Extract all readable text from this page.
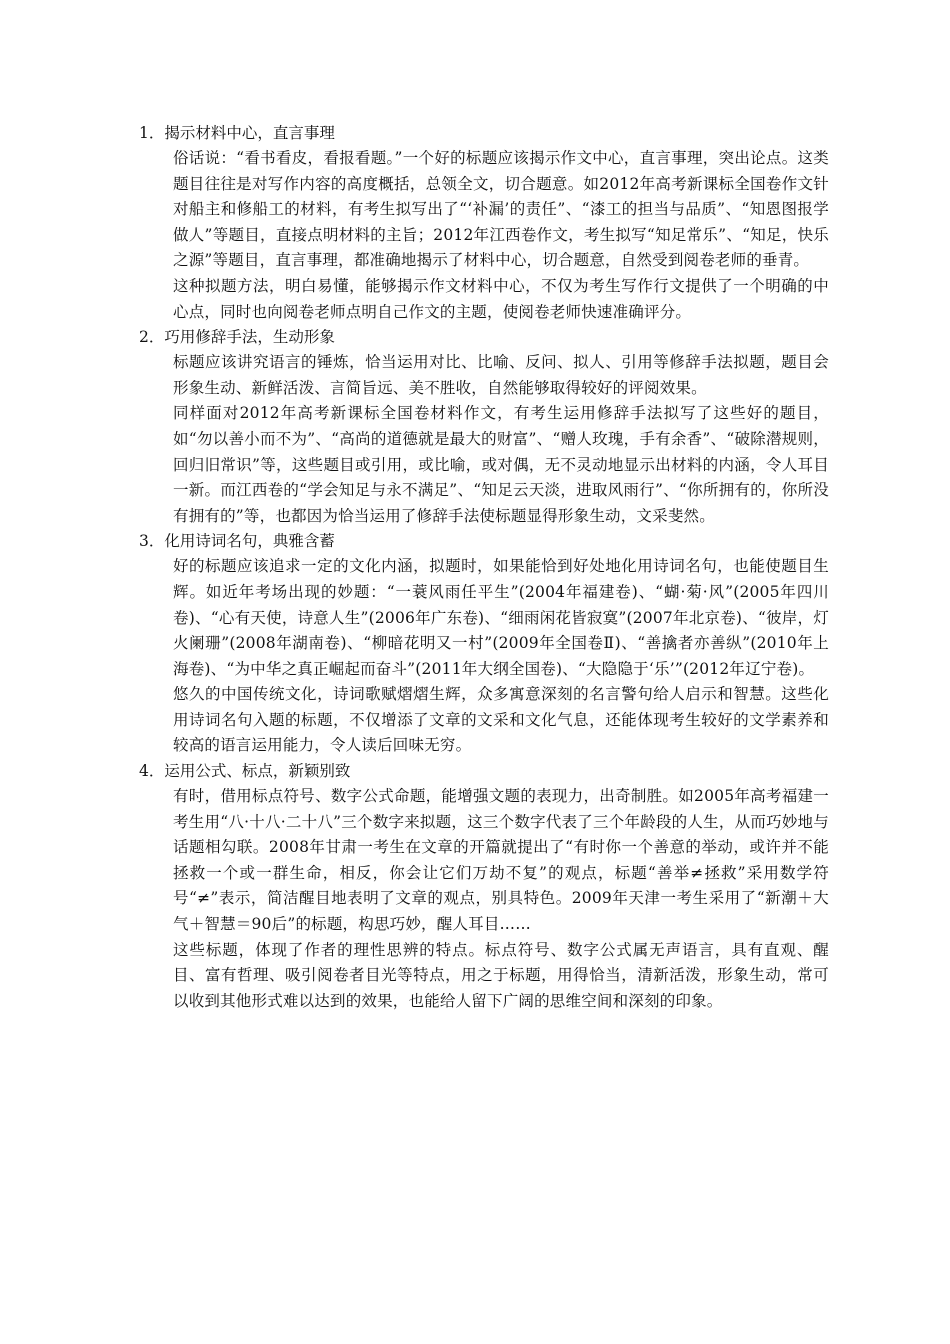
1．揭示材料中心，直言事理

俗话说：“看书看皮，看报看题。”一个好的标题应该揭示作文中心，直言事理，突出论点。这类题目往往是对写作内容的高度概括，总领全文，切合题意。如2012年高考新课标全国卷作文针对船主和修船工的材料，有考生拟写出了“‘补漏’的责任”、“漆工的担当与品质”、“知恩图报学做人”等题目，直接点明材料的主旨；2012年江西卷作文，考生拟写“知足常乐”、“知足，快乐之源”等题目，直言事理，都准确地揭示了材料中心，切合题意，自然受到阅卷老师的垂青。

这种拟题方法，明白易懂，能够揭示作文材料中心，不仅为考生写作行文提供了一个明确的中心点，同时也向阅卷老师点明自己作文的主题，使阅卷老师快速准确评分。

2．巧用修辞手法，生动形象

标题应该讲究语言的锤炼，恰当运用对比、比喻、反问、拟人、引用等修辞手法拟题，题目会形象生动、新鲜活泼、言简旨远、美不胜收，自然能够取得较好的评阅效果。

同样面对2012年高考新课标全国卷材料作文，有考生运用修辞手法拟写了这些好的题目，如“勿以善小而不为”、“高尚的道德就是最大的财富”、“赠人玫瑰，手有余香”、“破除潜规则，回归旧常识”等，这些题目或引用，或比喻，或对偶，无不灵动地显示出材料的内涵，令人耳目一新。而江西卷的“学会知足与永不满足”、“知足云天淡，进取风雨行”、“你所拥有的，你所没有拥有的”等，也都因为恰当运用了修辞手法使标题显得形象生动，文采斐然。

3．化用诗词名句，典雅含蓄

好的标题应该追求一定的文化内涵，拟题时，如果能恰到好处地化用诗词名句，也能使题目生辉。如近年考场出现的妙题：“一蓑风雨任平生”(2004年福建卷)、“蝴·菊·风”(2005年四川卷)、“心有天使，诗意人生”(2006年广东卷)、“细雨闲花皆寂寞”(2007年北京卷)、“彼岸，灯火阑珊”(2008年湖南卷)、“柳暗花明又一村”(2009年全国卷Ⅱ)、“善擒者亦善纵”(2010年上海卷)、“为中华之真正崛起而奋斗”(2011年大纲全国卷)、“大隐隐于‘乐’”(2012年辽宁卷)。

悠久的中国传统文化，诗词歌赋熠熠生辉，众多寓意深刻的名言警句给人启示和智慧。这些化用诗词名句入题的标题，不仅增添了文章的文采和文化气息，还能体现考生较好的文学素养和较高的语言运用能力，令人读后回味无穷。

4．运用公式、标点，新颖别致

有时，借用标点符号、数字公式命题，能增强文题的表现力，出奇制胜。如2005年高考福建一考生用“八·十八·二十八”三个数字来拟题，这三个数字代表了三个年龄段的人生，从而巧妙地与话题相勾联。2008年甘肃一考生在文章的开篇就提出了“有时你一个善意的举动，或许并不能拯救一个或一群生命，相反，你会让它们万劫不复”的观点，标题“善举≠拯救”采用数学符号“≠”表示，简洁醒目地表明了文章的观点，别具特色。2009年天津一考生采用了“新潮＋大气＋智慧＝90后”的标题，构思巧妙，醒人耳目……

这些标题，体现了作者的理性思辨的特点。标点符号、数字公式属无声语言，具有直观、醒目、富有哲理、吸引阅卷者目光等特点，用之于标题，用得恰当，清新活泼，形象生动，常可以收到其他形式难以达到的效果，也能给人留下广阔的思维空间和深刻的印象。
